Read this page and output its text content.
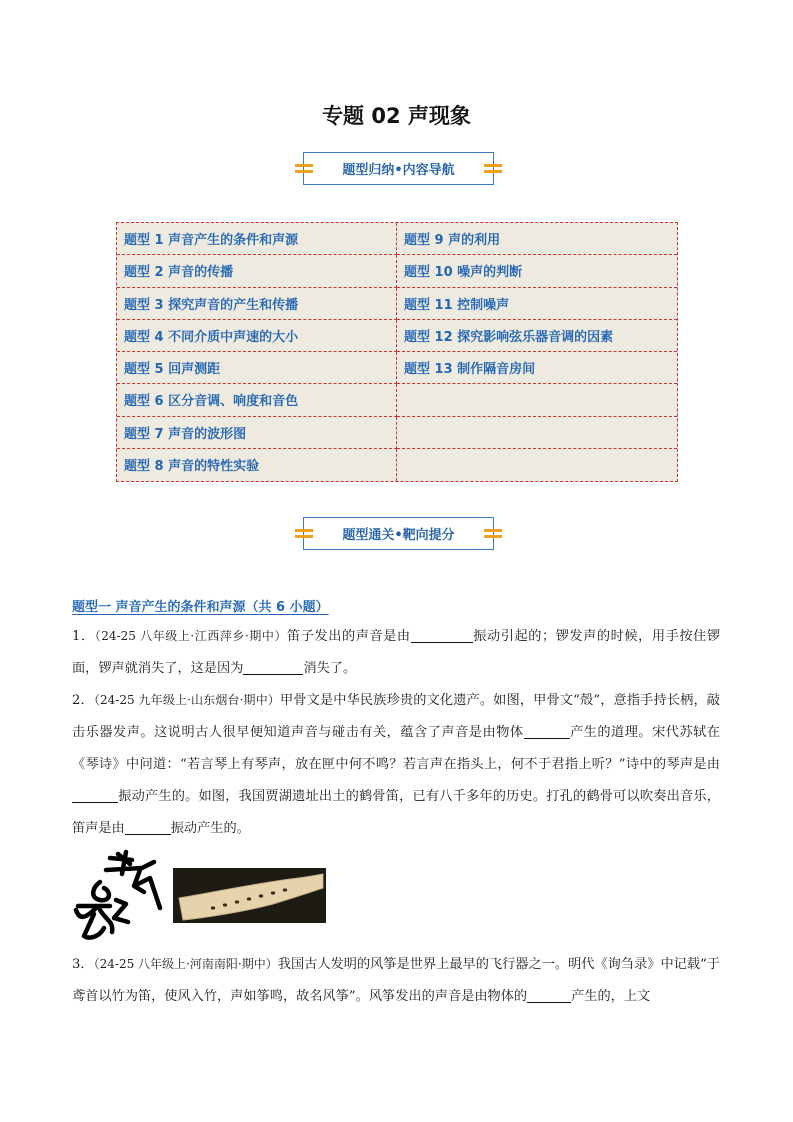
专题 02 声现象
题型归纳•内容导航
题型 1 声音产生的条件和声源	题型 9 声的利用
题型 2 声音的传播	题型 10 噪声的判断
题型 3 探究声音的产生和传播	题型 11 控制噪声
题型 4 不同介质中声速的大小	题型 12 探究影响弦乐器音调的因素
题型 5 回声测距	题型 13 制作隔音房间
题型 6 区分音调、响度和音色
题型 7 声音的波形图
题型 8 声音的特性实验
题型通关•靶向提分
题型一 声音产生的条件和声源（共 6 小题）
1．（24-25 八年级上·江西萍乡·期中）笛子发出的声音是由	振动引起的；锣发声的时候，用手按住锣面，锣声就消失了，这是因为	消失了。
2．（24-25 九年级上·山东烟台·期中）甲骨文是中华民族珍贵的文化遗产。如图，甲骨文“殻”，意指手持长柄，敲击乐器发声。这说明古人很早便知道声音与碰击有关，蕴含了声音是由物体	产生的道理。宋代苏轼在《琴诗》中问道：“若言琴上有琴声，放在匣中何不鸣？若言声在指头上，何不于君指上听？”诗中的琴声是由振动产生的。如图，我国贾湖遗址出土的鹤骨笛，已有八千多年的历史。打孔的鹤骨可以吹奏出音乐，笛声是由	振动产生的。
3．（24-25 八年级上·河南南阳·期中）我国古人发明的风筝是世界上最早的飞行器之一。明代《询刍录》中记载“于鸢首以竹为笛，使风入竹，声如筝鸣，故名风筝”。风筝发出的声音是由物体的	产生的，上文
